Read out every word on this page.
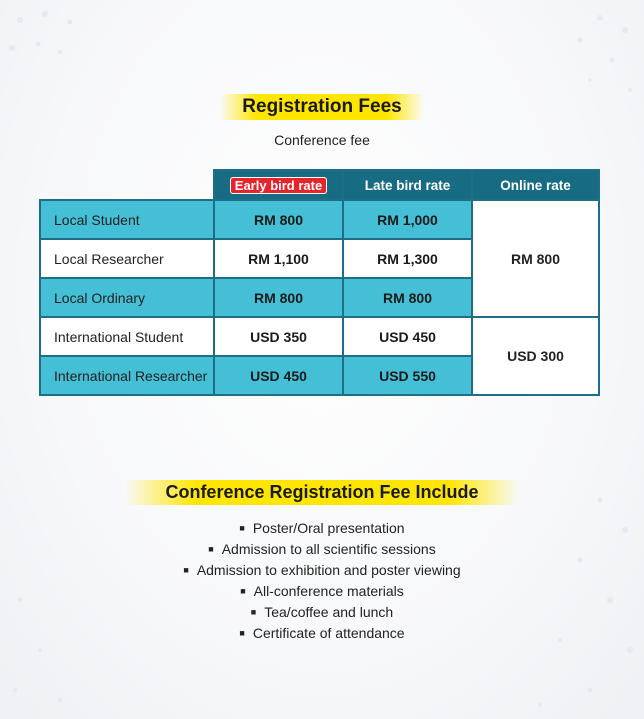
Registration Fees
Conference fee
	Early bird rate	Late bird rate	Online rate
Local Student	RM 800	RM 1,000	RM 800
Local Researcher	RM 1,100	RM 1,300	
Local Ordinary	RM 800	RM 800	
International Student	USD 350	USD 450	USD 300
International Researcher	USD 450	USD 550	
Conference Registration Fee Include
■ Poster/Oral presentation
■ Admission to all scientific sessions
■ Admission to exhibition and poster viewing
■ All-conference materials
■ Tea/coffee and lunch
■ Certificate of attendance
